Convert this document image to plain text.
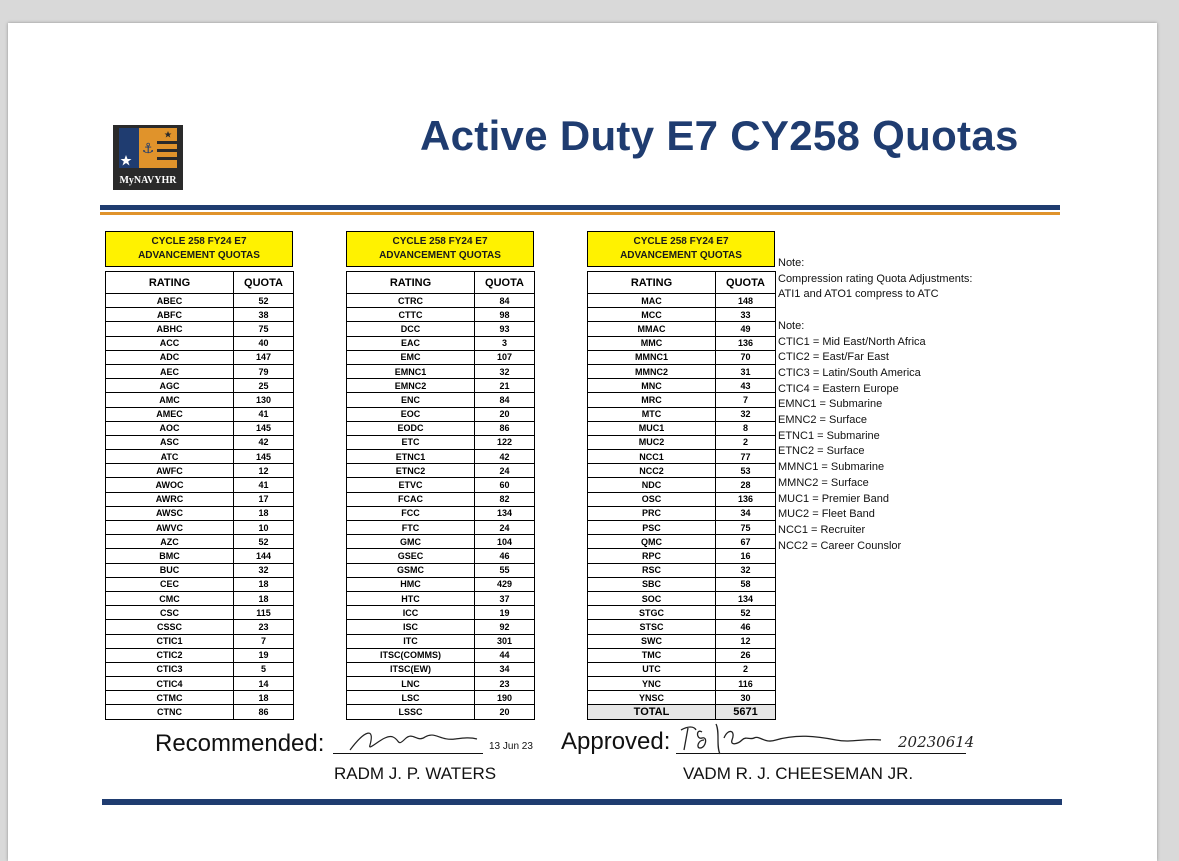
⚓
MyNAVYHR
Active Duty E7 CY258 Quotas
CYCLE 258 FY24 E7
ADVANCEMENT QUOTAS
RATING	QUOTA
ABEC	52
ABFC	38
ABHC	75
ACC	40
ADC	147
AEC	79
AGC	25
AMC	130
AMEC	41
AOC	145
ASC	42
ATC	145
AWFC	12
AWOC	41
AWRC	17
AWSC	18
AWVC	10
AZC	52
BMC	144
BUC	32
CEC	18
CMC	18
CSC	115
CSSC	23
CTIC1	7
CTIC2	19
CTIC3	5
CTIC4	14
CTMC	18
CTNC	86
CYCLE 258 FY24 E7
ADVANCEMENT QUOTAS
RATING	QUOTA
CTRC	84
CTTC	98
DCC	93
EAC	3
EMC	107
EMNC1	32
EMNC2	21
ENC	84
EOC	20
EODC	86
ETC	122
ETNC1	42
ETNC2	24
ETVC	60
FCAC	82
FCC	134
FTC	24
GMC	104
GSEC	46
GSMC	55
HMC	429
HTC	37
ICC	19
ISC	92
ITC	301
ITSC(COMMS)	44
ITSC(EW)	34
LNC	23
LSC	190
LSSC	20
CYCLE 258 FY24 E7
ADVANCEMENT QUOTAS
RATING	QUOTA
MAC	148
MCC	33
MMAC	49
MMC	136
MMNC1	70
MMNC2	31
MNC	43
MRC	7
MTC	32
MUC1	8
MUC2	2
NCC1	77
NCC2	53
NDC	28
OSC	136
PRC	34
PSC	75
QMC	67
RPC	16
RSC	32
SBC	58
SOC	134
STGC	52
STSC	46
SWC	12
TMC	26
UTC	2
YNC	116
YNSC	30
TOTAL	5671
Note:
Compression rating Quota Adjustments:
ATI1 and ATO1 compress to ATC
Note:
CTIC1 = Mid East/North Africa
CTIC2 = East/Far East
CTIC3 = Latin/South America
CTIC4 = Eastern Europe
EMNC1 = Submarine
EMNC2 = Surface
ETNC1 = Submarine
ETNC2 = Surface
MMNC1 = Submarine
MMNC2 = Surface
MUC1 = Premier Band
MUC2 = Fleet Band
NCC1 = Recruiter
NCC2 = Career Counslor
Recommended:	13 Jun 23
RADM J. P. WATERS
Approved:	20230614
VADM R. J. CHEESEMAN JR.
